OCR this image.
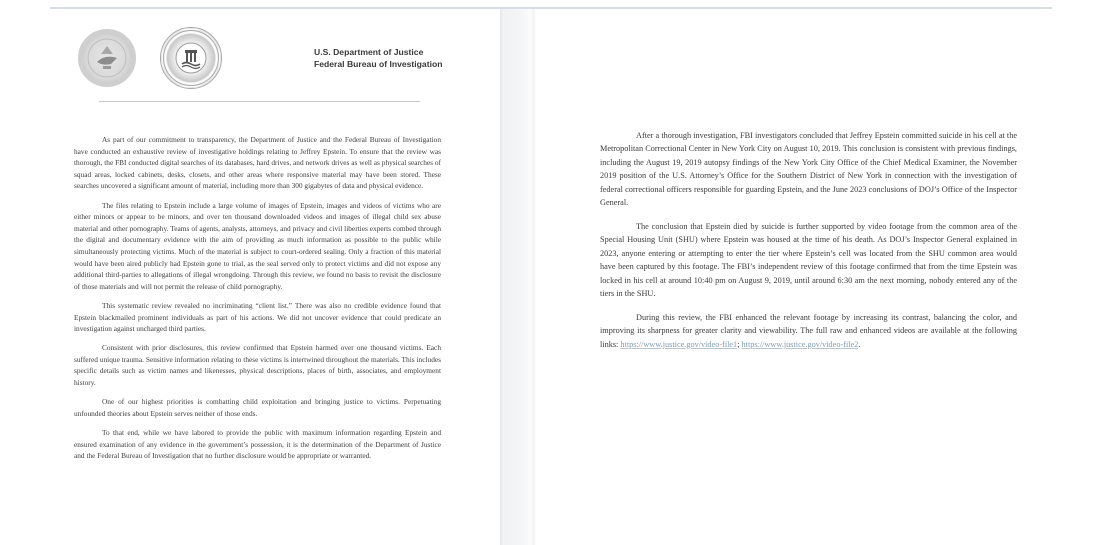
U.S. Department of Justice
Federal Bureau of Investigation

As part of our commitment to transparency, the Department of Justice and the Federal Bureau of Investigation have conducted an exhaustive review of investigative holdings relating to Jeffrey Epstein. To ensure that the review was thorough, the FBI conducted digital searches of its databases, hard drives, and network drives as well as physical searches of squad areas, locked cabinets, desks, closets, and other areas where responsive material may have been stored. These searches uncovered a significant amount of material, including more than 300 gigabytes of data and physical evidence.

The files relating to Epstein include a large volume of images of Epstein, images and videos of victims who are either minors or appear to be minors, and over ten thousand downloaded videos and images of illegal child sex abuse material and other pornography. Teams of agents, analysts, attorneys, and privacy and civil liberties experts combed through the digital and documentary evidence with the aim of providing as much information as possible to the public while simultaneously protecting victims. Much of the material is subject to court-ordered sealing. Only a fraction of this material would have been aired publicly had Epstein gone to trial, as the seal served only to protect victims and did not expose any additional third-parties to allegations of illegal wrongdoing. Through this review, we found no basis to revisit the disclosure of those materials and will not permit the release of child pornography.

This systematic review revealed no incriminating “client list.” There was also no credible evidence found that Epstein blackmailed prominent individuals as part of his actions. We did not uncover evidence that could predicate an investigation against uncharged third parties.

Consistent with prior disclosures, this review confirmed that Epstein harmed over one thousand victims. Each suffered unique trauma. Sensitive information relating to these victims is intertwined throughout the materials. This includes specific details such as victim names and likenesses, physical descriptions, places of birth, associates, and employment history.

One of our highest priorities is combatting child exploitation and bringing justice to victims. Perpetuating unfounded theories about Epstein serves neither of those ends.

To that end, while we have labored to provide the public with maximum information regarding Epstein and ensured examination of any evidence in the government’s possession, it is the determination of the Department of Justice and the Federal Bureau of Investigation that no further disclosure would be appropriate or warranted.

After a thorough investigation, FBI investigators concluded that Jeffrey Epstein committed suicide in his cell at the Metropolitan Correctional Center in New York City on August 10, 2019. This conclusion is consistent with previous findings, including the August 19, 2019 autopsy findings of the New York City Office of the Chief Medical Examiner, the November 2019 position of the U.S. Attorney’s Office for the Southern District of New York in connection with the investigation of federal correctional officers responsible for guarding Epstein, and the June 2023 conclusions of DOJ’s Office of the Inspector General.

The conclusion that Epstein died by suicide is further supported by video footage from the common area of the Special Housing Unit (SHU) where Epstein was housed at the time of his death. As DOJ’s Inspector General explained in 2023, anyone entering or attempting to enter the tier where Epstein’s cell was located from the SHU common area would have been captured by this footage. The FBI’s independent review of this footage confirmed that from the time Epstein was locked in his cell at around 10:40 pm on August 9, 2019, until around 6:30 am the next morning, nobody entered any of the tiers in the SHU.

During this review, the FBI enhanced the relevant footage by increasing its contrast, balancing the color, and improving its sharpness for greater clarity and viewability. The full raw and enhanced videos are available at the following links: https://www.justice.gov/video-file1; https://www.justice.gov/video-file2.
